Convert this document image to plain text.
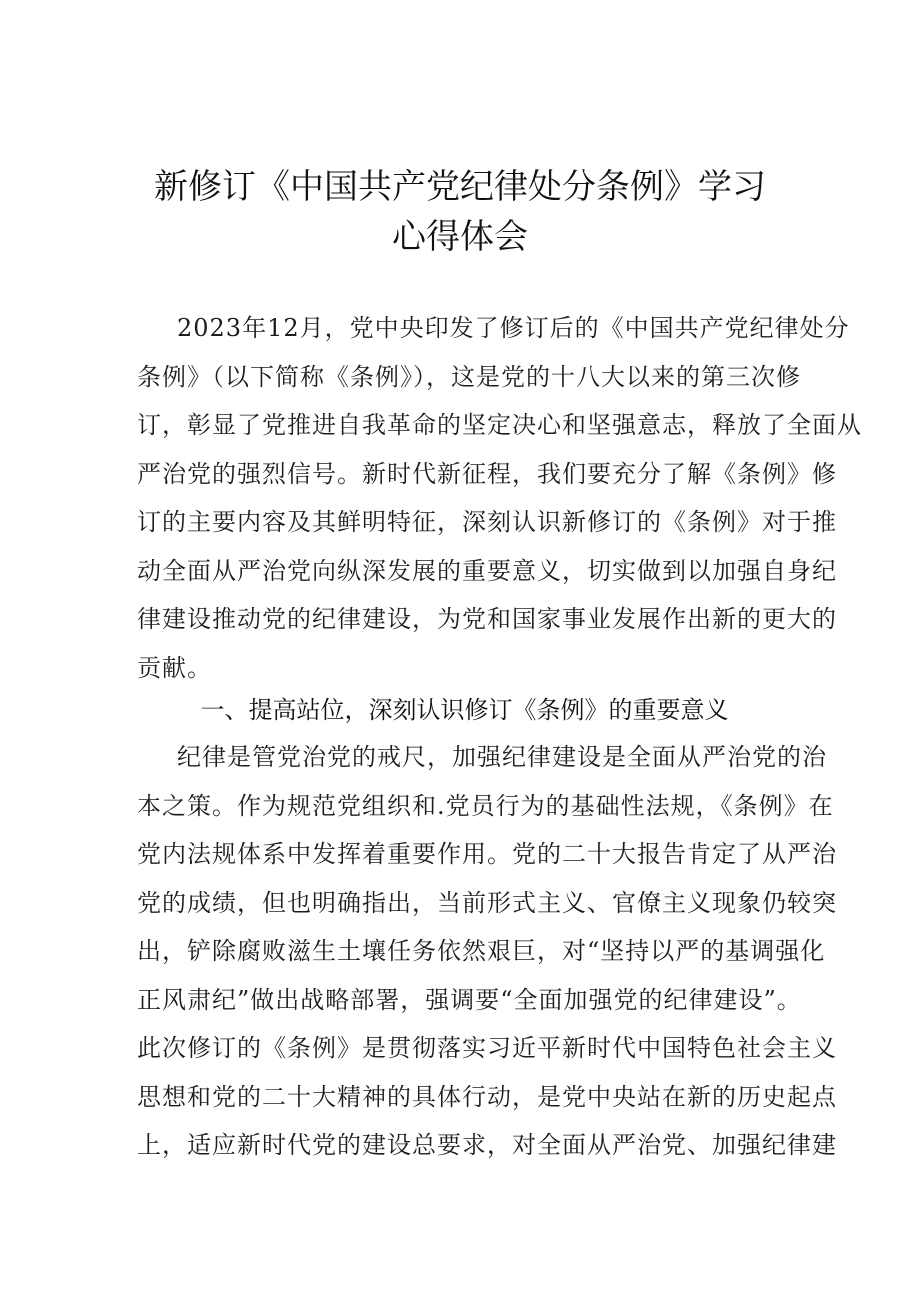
新修订《中国共产党纪律处分条例》学习
心得体会
2023年12月，党中央印发了修订后的《中国共产党纪律处分
条例》（以下简称《条例》），这是党的十八大以来的第三次修
订，彰显了党推进自我革命的坚定决心和坚强意志，释放了全面从
严治党的强烈信号。新时代新征程，我们要充分了解《条例》修
订的主要内容及其鲜明特征，深刻认识新修订的《条例》对于推
动全面从严治党向纵深发展的重要意义，切实做到以加强自身纪
律建设推动党的纪律建设，为党和国家事业发展作出新的更大的
贡献。
一、提高站位，深刻认识修订《条例》的重要意义
纪律是管党治党的戒尺，加强纪律建设是全面从严治党的治
本之策。作为规范党组织和.党员行为的基础性法规，《条例》在
党内法规体系中发挥着重要作用。党的二十大报告肯定了从严治
党的成绩，但也明确指出，当前形式主义、官僚主义现象仍较突
出，铲除腐败滋生土壤任务依然艰巨，对“坚持以严的基调强化
正风肃纪”做出战略部署，强调要“全面加强党的纪律建设”。
此次修订的《条例》是贯彻落实习近平新时代中国特色社会主义
思想和党的二十大精神的具体行动，是党中央站在新的历史起点
上，适应新时代党的建设总要求，对全面从严治党、加强纪律建
